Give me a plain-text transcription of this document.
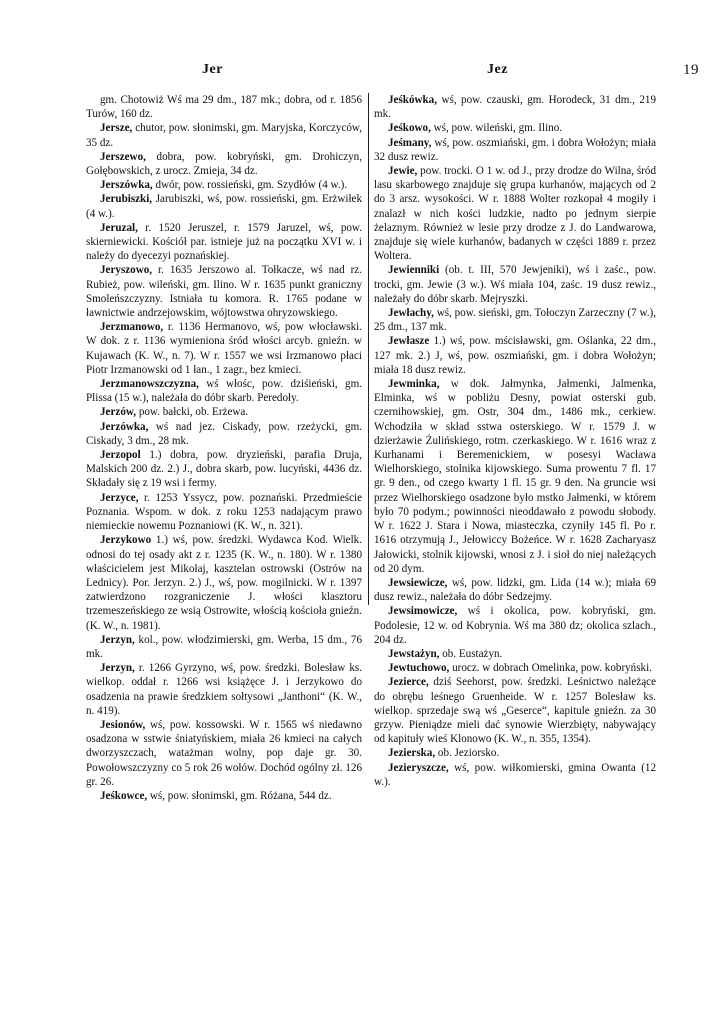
Jer	Jez	19

gm. Chotowiż Wś ma 29 dm., 187 mk.; dobra, od r. 1856 Turów, 160 dz.

Jersze, chutor, pow. słonimski, gm. Maryjska, Korczyców, 35 dz.

Jerszewo, dobra, pow. kobryński, gm. Drohiczyn, Gołębowskich, z urocz. Zmieja, 34 dz.

Jerszówka, dwór, pow. rossieński, gm. Szydłów (4 w.).

Jerubiszki, Jarubiszki, wś, pow. rossieński, gm. Erżwiłek (4 w.).

Jeruzal, r. 1520 Jeruszel, r. 1579 Jaruzel, wś, pow. skierniewicki. Kościół par. istnieje już na początku XVI w. i należy do dyecezyi poznańskiej.

Jeryszowo, r. 1635 Jerszowo al. Tołkacze, wś nad rz. Rubież, pow. wileński, gm. Ilino. W r. 1635 punkt graniczny Smoleńszczyzny. Istniała tu komora. R. 1765 podane w ławnictwie andrzejowskim, wójtowstwa ohryzowskiego.

Jerzmanowo, r. 1136 Hermanovo, wś, pow włocławski. W dok. z r. 1136 wymieniona śród włości arcyb. gnieźn. w Kujawach (K. W., n. 7). W r. 1557 we wsi Irzmanowo płaci Piotr Irzmanowski od 1 łan., 1 zagr., bez kmieci.

Jerzmanowszczyzna, wś włośc, pow. dziśieński, gm. Plissa (15 w.), należała do dóbr skarb. Peredoły.

Jerzów, pow. bałcki, ob. Erżewa.

Jerzówka, wś nad jez. Ciskady, pow. rzeżycki, gm. Ciskady, 3 dm., 28 mk.

Jerzopol 1.) dobra, pow. dryzieński, parafia Druja, Malskich 200 dz. 2.) J., dobra skarb, pow. lucyński, 4436 dz. Składały się z 19 wsi i fermy.

Jerzyce, r. 1253 Yssycz, pow. poznański. Przedmieście Poznania. Wspom. w dok. z roku 1253 nadającym prawo niemieckie nowemu Poznaniowi (K. W., n. 321).

Jerzykowo 1.) wś, pow. średzki. Wydawca Kod. Wielk. odnosi do tej osady akt z r. 1235 (K. W., n. 180). W r. 1380 właścicielem jest Mikołaj, kasztelan ostrowski (Ostrów na Lednicy). Por. Jerzyn. 2.) J., wś, pow. mogilnicki. W r. 1397 zatwierdzono rozgraniczenie J. włości klasztoru trzemeszeńskiego ze wsią Ostrowite, włością kościoła gnieźn. (K. W., n. 1981).

Jerzyn, kol., pow. włodzimierski, gm. Werba, 15 dm., 76 mk.

Jerzyn, r. 1266 Gyrzyno, wś, pow. średzki. Bolesław ks. wielkop. oddał r. 1266 wsi książęce J. i Jerzykowo do osadzenia na prawie średzkiem sołtysowi „Janthoni“ (K. W., n. 419).

Jesionów, wś, pow. kossowski. W r. 1565 wś niedawno osadzona w sstwie śniatyńskiem, miała 26 kmieci na całych dworzyszczach, watażman wolny, pop daje gr. 30. Powołowszczyzny co 5 rok 26 wołów. Dochód ogólny zł. 126 gr. 26.

Jeśkowce, wś, pow. słonimski, gm. Różana, 544 dz.

Jeśkówka, wś, pow. czauski, gm. Horodeck, 31 dm., 219 mk.

Jeśkowo, wś, pow. wileński, gm. Ilino.

Jeśmany, wś, pow. oszmiański, gm. i dobra Wołożyn; miała 32 dusz rewiz.

Jewie, pow. trocki. O 1 w. od J., przy drodze do Wilna, śród lasu skarbowego znajduje się grupa kurhanów, mających od 2 do 3 arsz. wysokości. W r. 1888 Wolter rozkopał 4 mogiły i znalazł w nich kości ludzkie, nadto po jednym sierpie żelaznym. Również w lesie przy drodze z J. do Landwarowa, znajduje się wiele kurhanów, badanych w części 1889 r. przez Woltera.

Jewienniki (ob. t. III, 570 Jewjeniki), wś i zaśc., pow. trocki, gm. Jewie (3 w.). Wś miała 104, zaśc. 19 dusz rewiz., należały do dóbr skarb. Mejryszki.

Jewłachy, wś, pow. sieński, gm. Tołoczyn Zarzeczny (7 w.), 25 dm., 137 mk.

Jewłasze 1.) wś, pow. mścisławski, gm. Oślanka, 22 dm., 127 mk. 2.) J, wś, pow. oszmiański, gm. i dobra Wołożyn; miała 18 dusz rewiz.

Jewminka, w dok. Jałmynka, Jałmenki, Jalmenka, Elminka, wś w pobliżu Desny, powiat osterski gub. czernihowskiej, gm. Ostr, 304 dm., 1486 mk., cerkiew. Wchodziła w skład sstwa osterskiego. W r. 1579 J. w dzierżawie Żulińskiego, rotm. czerkaskiego. W r. 1616 wraz z Kurhanami i Beremenickiem, w posesyi Wacława Wielhorskiego, stolnika kijowskiego. Suma prowentu 7 fl. 17 gr. 9 den., od czego kwarty 1 fl. 15 gr. 9 den. Na gruncie wsi przez Wielhorskiego osadzone było mstko Jałmenki, w którem było 70 podym.; powinności nieoddawało z powodu słobody. W r. 1622 J. Stara i Nowa, miasteczka, czyniły 145 fl. Po r. 1616 otrzymują J., Jełowiccy Bożeńce. W r. 1628 Zacharyasz Jałowicki, stolnik kijowski, wnosi z J. i sioł do niej należących od 20 dym.

Jewsiewicze, wś, pow. lidzki, gm. Lida (14 w.); miała 69 dusz rewiz., należała do dóbr Sedzejmy.

Jewsimowicze, wś i okolica, pow. kobryński, gm. Podolesie, 12 w. od Kobrynia. Wś ma 380 dz; okolica szlach., 204 dz.

Jewstażyn, ob. Eustażyn.

Jewtuchowo, urocz. w dobrach Omelinka, pow. kobryński.

Jezierce, dziś Seehorst, pow. średzki. Leśnictwo należące do obrębu leśnego Gruenheide. W r. 1257 Bolesław ks. wielkop. sprzedaje swą wś „Geserce“, kapitule gnieźn. za 30 grzyw. Pieniądze mieli dać synowie Wierzbięty, nabywający od kapituły wieś Klonowo (K. W., n. 355, 1354).

Jezierska, ob. Jeziorsko.

Jezieryszcze, wś, pow. wiłkomierski, gmina Owanta (12 w.).
